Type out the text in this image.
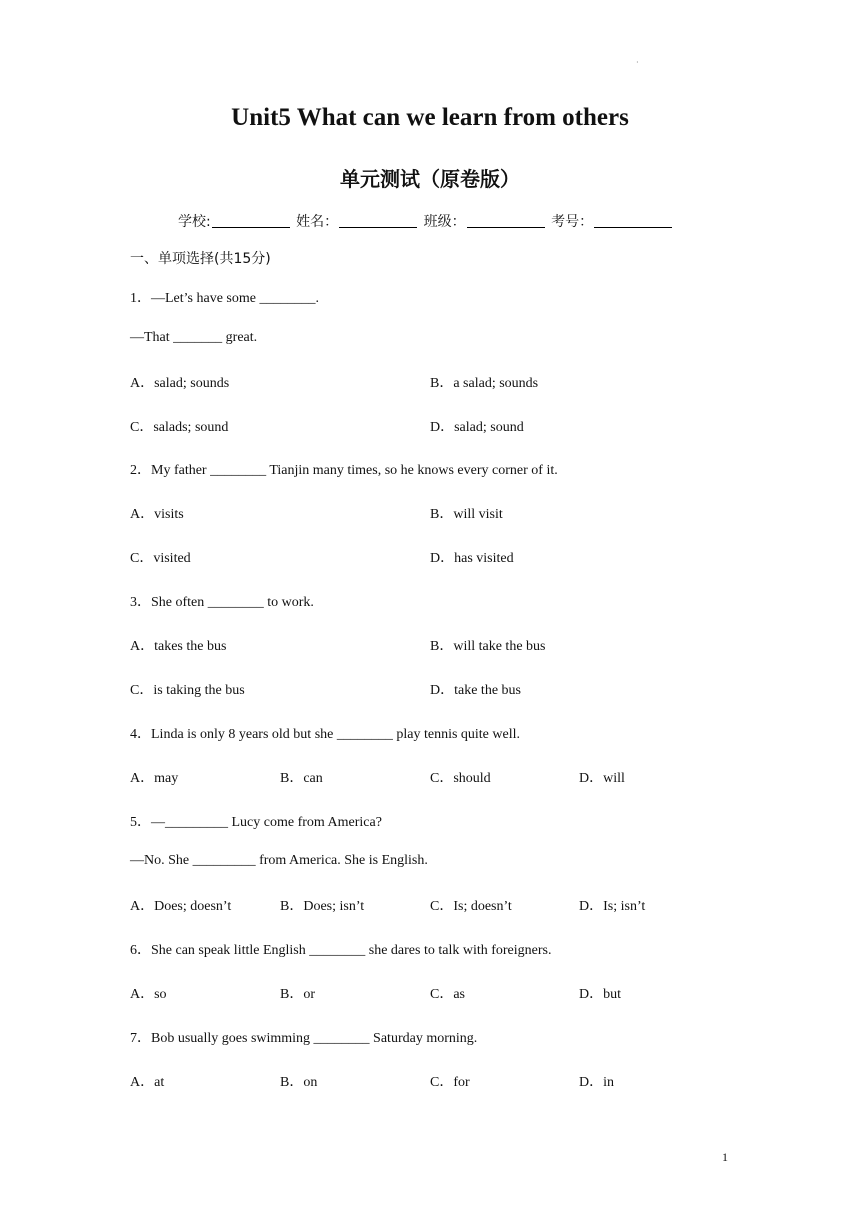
·
Unit5 What can we learn from others
单元测试（原卷版）
学校:	姓名：	班级：	考号：
一、单项选择(共15分)
1．—Let’s have some ________.
—That _______ great.
A．salad; sounds	B．a salad; sounds
C．salads; sound	D．salad; sound
2．My father ________ Tianjin many times, so he knows every corner of it.
A．visits	B．will visit
C．visited	D．has visited
3．She often ________ to work.
A．takes the bus	B．will take the bus
C．is taking the bus	D．take the bus
4．Linda is only 8 years old but she ________ play tennis quite well.
A．may	B．can	C．should	D．will
5．—_________ Lucy come from America?
—No. She _________ from America. She is English.
A．Does; doesn’t	B．Does; isn’t	C．Is; doesn’t	D．Is; isn’t
6．She can speak little English ________ she dares to talk with foreigners.
A．so	B．or	C．as	D．but
7．Bob usually goes swimming ________ Saturday morning.
A．at	B．on	C．for	D．in
1
